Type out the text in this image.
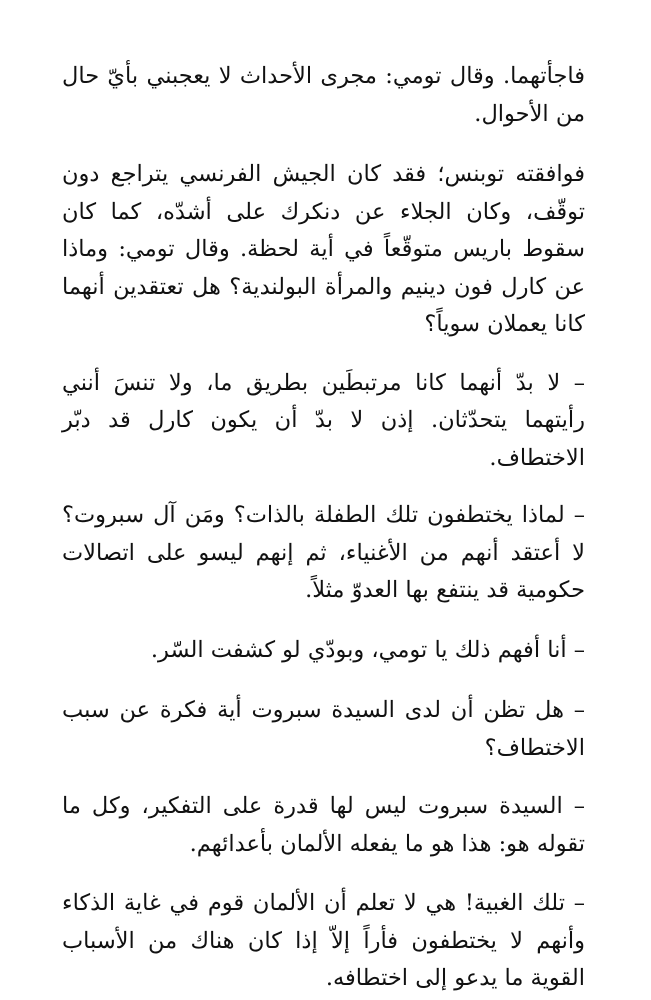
فاجأتهما. وقال تومي: مجرى الأحداث لا يعجبني بأيّ حال من الأحوال.

فوافقته توبنس؛ فقد كان الجيش الفرنسي يتراجع دون توقّف، وكان الجلاء عن دنكرك على أشدّه، كما كان سقوط باريس متوقّعاً في أية لحظة. وقال تومي: وماذا عن كارل فون دينيم والمرأة البولندية؟ هل تعتقدين أنهما كانا يعملان سوياً؟

– لا بدّ أنهما كانا مرتبطَين بطريق ما، ولا تنسَ أنني رأيتهما يتحدّثان. إذن لا بدّ أن يكون كارل قد دبّر الاختطاف.

– لماذا يختطفون تلك الطفلة بالذات؟ ومَن آل سبروت؟ لا أعتقد أنهم من الأغنياء، ثم إنهم ليسو على اتصالات حكومية قد ينتفع بها العدوّ مثلاً.

– أنا أفهم ذلك يا تومي، وبودّي لو كشفت السّر.

– هل تظن أن لدى السيدة سبروت أية فكرة عن سبب الاختطاف؟

– السيدة سبروت ليس لها قدرة على التفكير، وكل ما تقوله هو: هذا هو ما يفعله الألمان بأعدائهم.

– تلك الغبية! هي لا تعلم أن الألمان قوم في غاية الذكاء وأنهم لا يختطفون فأراً إلاّ إذا كان هناك من الأسباب القوية ما يدعو إلى اختطافه.
